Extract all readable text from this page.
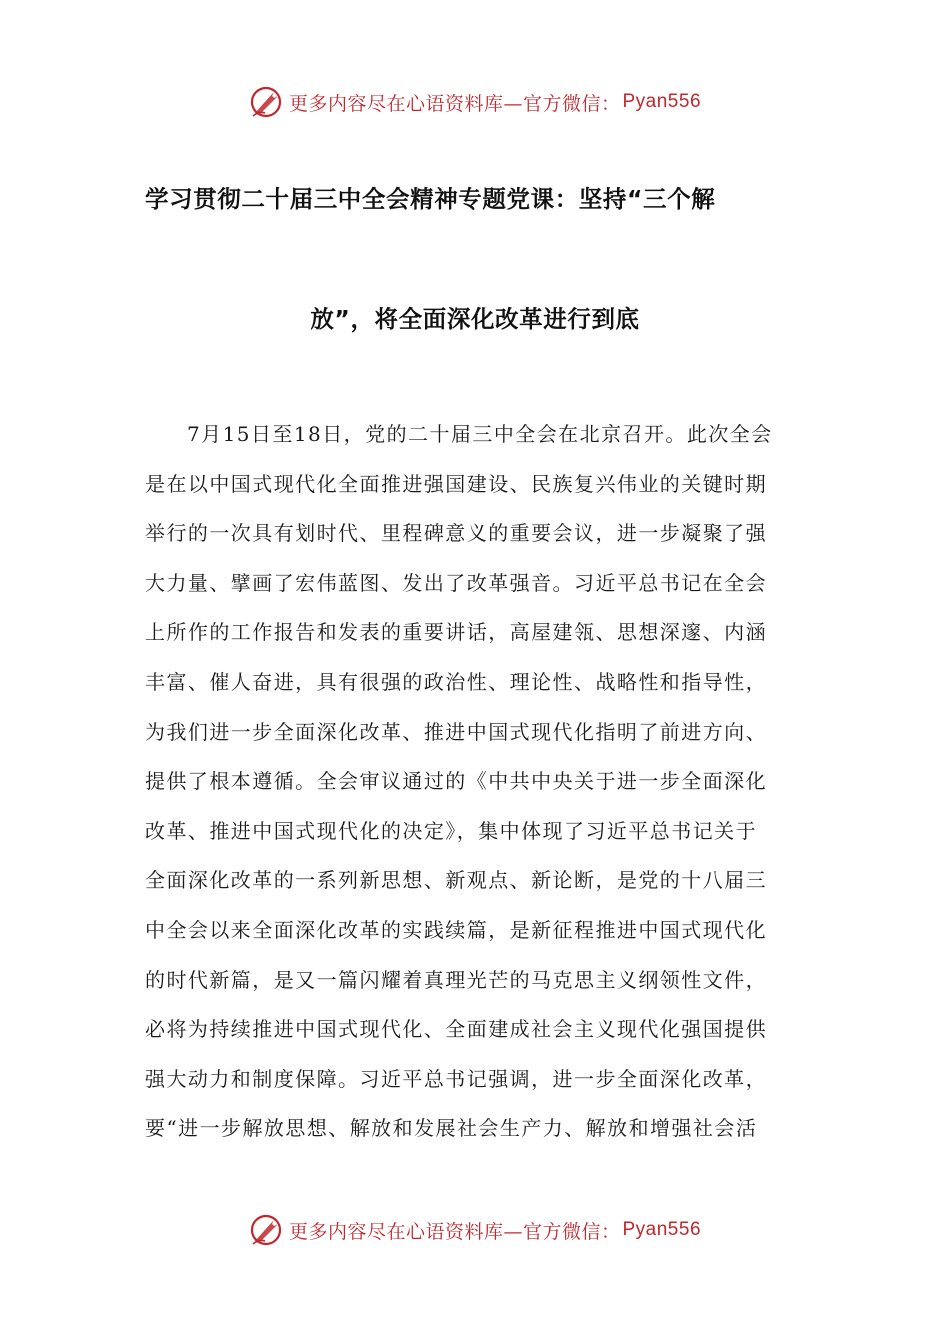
更多内容尽在心语资料库—官方微信： Pyan556
学习贯彻二十届三中全会精神专题党课：坚持“三个解
放”，将全面深化改革进行到底
7月15日至18日，党的二十届三中全会在北京召开。此次全会
是在以中国式现代化全面推进强国建设、民族复兴伟业的关键时期
举行的一次具有划时代、里程碑意义的重要会议，进一步凝聚了强
大力量、擘画了宏伟蓝图、发出了改革强音。习近平总书记在全会
上所作的工作报告和发表的重要讲话，高屋建瓴、思想深邃、内涵
丰富、催人奋进，具有很强的政治性、理论性、战略性和指导性，
为我们进一步全面深化改革、推进中国式现代化指明了前进方向、
提供了根本遵循。全会审议通过的《中共中央关于进一步全面深化
改革、推进中国式现代化的决定》，集中体现了习近平总书记关于
全面深化改革的一系列新思想、新观点、新论断，是党的十八届三
中全会以来全面深化改革的实践续篇，是新征程推进中国式现代化
的时代新篇，是又一篇闪耀着真理光芒的马克思主义纲领性文件，
必将为持续推进中国式现代化、全面建成社会主义现代化强国提供
强大动力和制度保障。习近平总书记强调，进一步全面深化改革，
要“进一步解放思想、解放和发展社会生产力、解放和增强社会活
更多内容尽在心语资料库—官方微信： Pyan556
